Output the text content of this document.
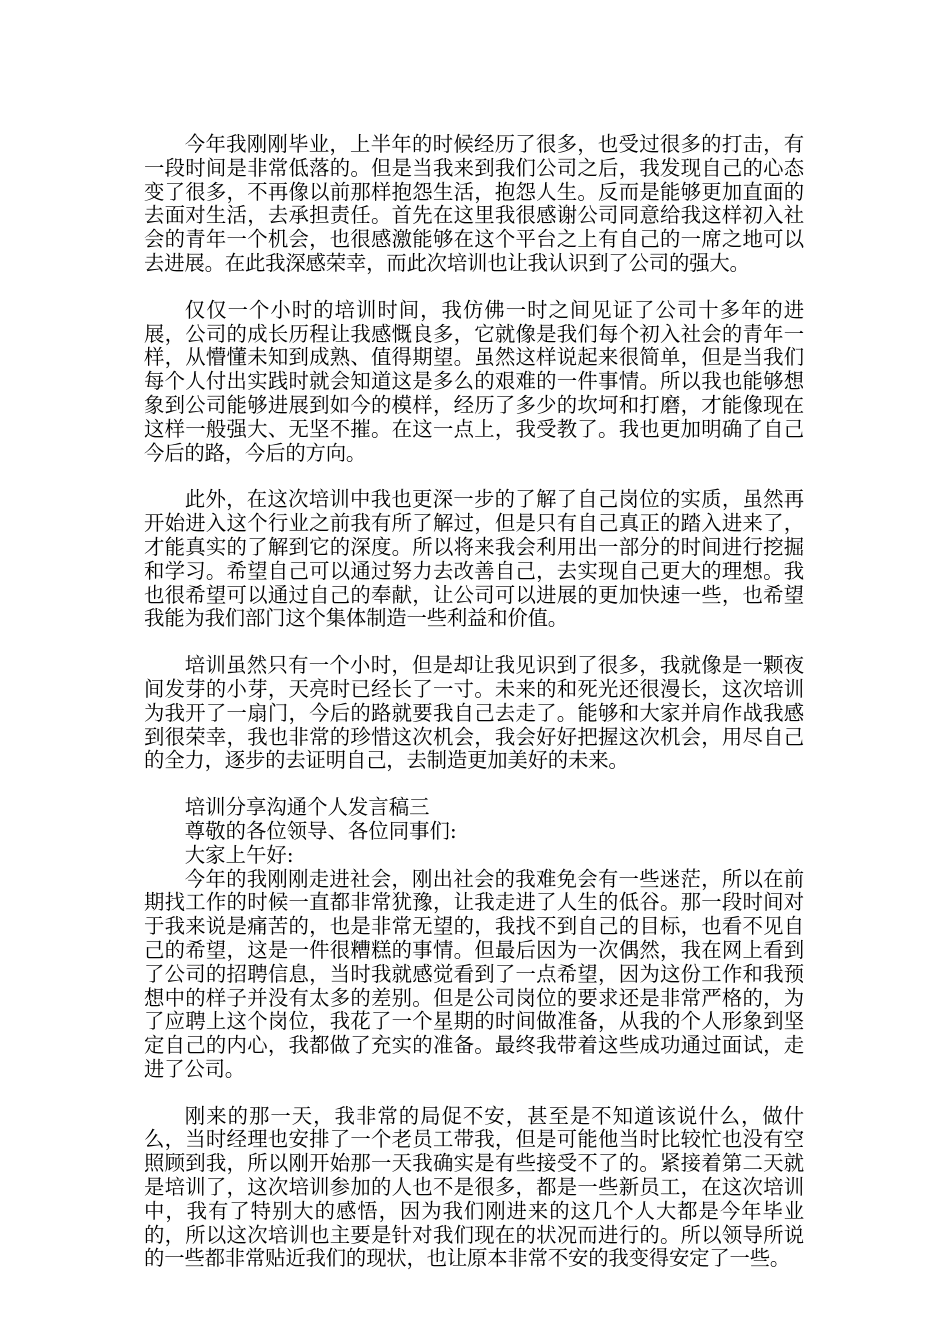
今年我刚刚毕业，上半年的时候经历了很多，也受过很多的打击，有一段时间是非常低落的。但是当我来到我们公司之后，我发现自己的心态变了很多，不再像以前那样抱怨生活，抱怨人生。反而是能够更加直面的去面对生活，去承担责任。首先在这里我很感谢公司同意给我这样初入社会的青年一个机会，也很感激能够在这个平台之上有自己的一席之地可以去进展。在此我深感荣幸，而此次培训也让我认识到了公司的强大。

仅仅一个小时的培训时间，我仿佛一时之间见证了公司十多年的进展，公司的成长历程让我感慨良多，它就像是我们每个初入社会的青年一样，从懵懂未知到成熟、值得期望。虽然这样说起来很简单，但是当我们每个人付出实践时就会知道这是多么的艰难的一件事情。所以我也能够想象到公司能够进展到如今的模样，经历了多少的坎坷和打磨，才能像现在这样一般强大、无坚不摧。在这一点上，我受教了。我也更加明确了自己今后的路，今后的方向。

此外，在这次培训中我也更深一步的了解了自己岗位的实质，虽然再开始进入这个行业之前我有所了解过，但是只有自己真正的踏入进来了，才能真实的了解到它的深度。所以将来我会利用出一部分的时间进行挖掘和学习。希望自己可以通过努力去改善自己，去实现自己更大的理想。我也很希望可以通过自己的奉献，让公司可以进展的更加快速一些，也希望我能为我们部门这个集体制造一些利益和价值。

培训虽然只有一个小时，但是却让我见识到了很多，我就像是一颗夜间发芽的小芽，天亮时已经长了一寸。未来的和死光还很漫长，这次培训为我开了一扇门，今后的路就要我自己去走了。能够和大家并肩作战我感到很荣幸，我也非常的珍惜这次机会，我会好好把握这次机会，用尽自己的全力，逐步的去证明自己，去制造更加美好的未来。

培训分享沟通个人发言稿三

尊敬的各位领导、各位同事们:

大家上午好:

今年的我刚刚走进社会，刚出社会的我难免会有一些迷茫，所以在前期找工作的时候一直都非常犹豫，让我走进了人生的低谷。那一段时间对于我来说是痛苦的，也是非常无望的，我找不到自己的目标，也看不见自己的希望，这是一件很糟糕的事情。但最后因为一次偶然，我在网上看到了公司的招聘信息，当时我就感觉看到了一点希望，因为这份工作和我预想中的样子并没有太多的差别。但是公司岗位的要求还是非常严格的，为了应聘上这个岗位，我花了一个星期的时间做准备，从我的个人形象到坚定自己的内心，我都做了充实的准备。最终我带着这些成功通过面试，走进了公司。

刚来的那一天，我非常的局促不安，甚至是不知道该说什么，做什么，当时经理也安排了一个老员工带我，但是可能他当时比较忙也没有空照顾到我，所以刚开始那一天我确实是有些接受不了的。紧接着第二天就是培训了，这次培训参加的人也不是很多，都是一些新员工，在这次培训中，我有了特别大的感悟，因为我们刚进来的这几个人大都是今年毕业的，所以这次培训也主要是针对我们现在的状况而进行的。所以领导所说的一些都非常贴近我们的现状，也让原本非常不安的我变得安定了一些。
